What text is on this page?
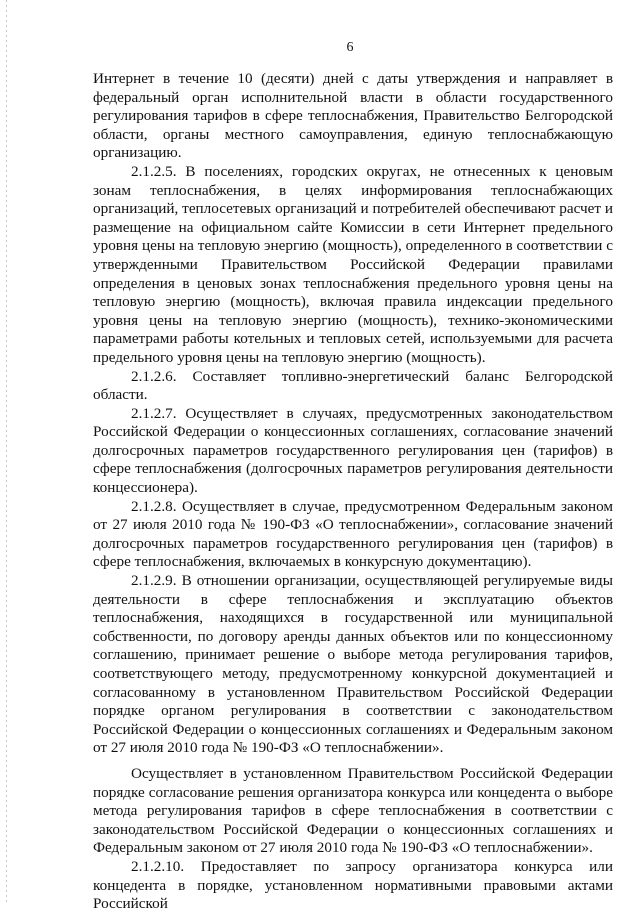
6

Интернет в течение 10 (десяти) дней с даты утверждения и направляет в федеральный орган исполнительной власти в области государственного регулирования тарифов в сфере теплоснабжения, Правительство Белгородской области, органы местного самоуправления, единую теплоснабжающую организацию.

2.1.2.5. В поселениях, городских округах, не отнесенных к ценовым зонам теплоснабжения, в целях информирования теплоснабжающих организаций, теплосетевых организаций и потребителей обеспечивают расчет и размещение на официальном сайте Комиссии в сети Интернет предельного уровня цены на тепловую энергию (мощность), определенного в соответствии с утвержденными Правительством Российской Федерации правилами определения в ценовых зонах теплоснабжения предельного уровня цены на тепловую энергию (мощность), включая правила индексации предельного уровня цены на тепловую энергию (мощность), технико-экономическими параметрами работы котельных и тепловых сетей, используемыми для расчета предельного уровня цены на тепловую энергию (мощность).

2.1.2.6. Составляет топливно-энергетический баланс Белгородской области.

2.1.2.7. Осуществляет в случаях, предусмотренных законодательством Российской Федерации о концессионных соглашениях, согласование значений долгосрочных параметров государственного регулирования цен (тарифов) в сфере теплоснабжения (долгосрочных параметров регулирования деятельности концессионера).

2.1.2.8. Осуществляет в случае, предусмотренном Федеральным законом от 27 июля 2010 года № 190-ФЗ «О теплоснабжении», согласование значений долгосрочных параметров государственного регулирования цен (тарифов) в сфере теплоснабжения, включаемых в конкурсную документацию).

2.1.2.9. В отношении организации, осуществляющей регулируемые виды деятельности в сфере теплоснабжения и эксплуатацию объектов теплоснабжения, находящихся в государственной или муниципальной собственности, по договору аренды данных объектов или по концессионному соглашению, принимает решение о выборе метода регулирования тарифов, соответствующего методу, предусмотренному конкурсной документацией и согласованному в установленном Правительством Российской Федерации порядке органом регулирования в соответствии с законодательством Российской Федерации о концессионных соглашениях и Федеральным законом от 27 июля 2010 года № 190-ФЗ «О теплоснабжении».

Осуществляет в установленном Правительством Российской Федерации порядке согласование решения организатора конкурса или концедента о выборе метода регулирования тарифов в сфере теплоснабжения в соответствии с законодательством Российской Федерации о концессионных соглашениях и Федеральным законом от 27 июля 2010 года № 190-ФЗ «О теплоснабжении».

2.1.2.10. Предоставляет по запросу организатора конкурса или концедента в порядке, установленном нормативными правовыми актами Российской
